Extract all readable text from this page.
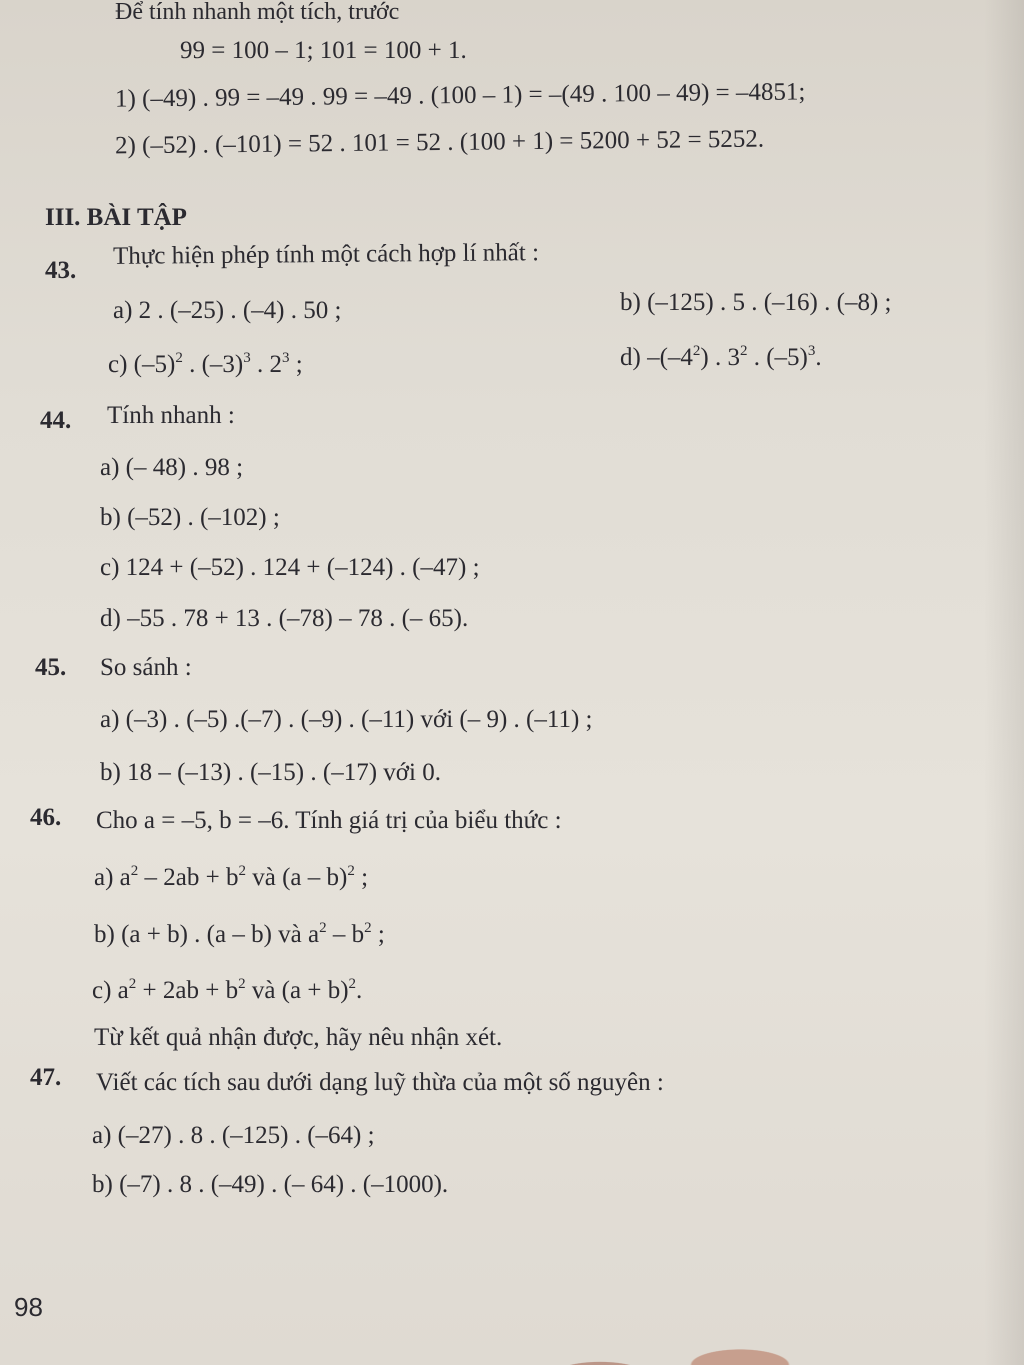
Để tính nhanh một tích, trước
99 = 100 – 1; 101 = 100 + 1.
1) (–49) . 99 = –49 . 99 = –49 . (100 – 1) = –(49 . 100 – 49) = –4851;
2) (–52) . (–101) = 52 . 101 = 52 . (100 + 1) = 5200 + 52 = 5252.
III. BÀI TẬP
43.
Thực hiện phép tính một cách hợp lí nhất :
a) 2 . (–25) . (–4) . 50 ;	b) (–125) . 5 . (–16) . (–8) ;
c) $(-5)^2$ . $(-3)^3$ . $2^3$ ;	d) $-(-4^2)$ . $3^2$ . $(-5)^3$.
44. Tính nhanh :
a) (– 48) . 98 ;
b) (–52) . (–102) ;
c) 124 + (–52) . 124 + (–124) . (–47) ;
d) –55 . 78 + 13 . (–78) – 78 . (– 65).
45. So sánh :
a) (–3) . (–5) .(–7) . (–9) . (–11) với (– 9) . (–11) ;
b) 18 – (–13) . (–15) . (–17) với 0.
46. Cho a = –5, b = –6. Tính giá trị của biểu thức :
a) $a^2 - 2ab + b^2$ và (a – b)$^2$ ;
b) (a + b) . (a – b) và $a^2 - b^2$ ;
c) $a^2 + 2ab + b^2$ và $(a + b)^2$.
Từ kết quả nhận được, hãy nêu nhận xét.
47. Viết các tích sau dưới dạng luỹ thừa của một số nguyên :
a) (–27) . 8 . (–125) . (–64) ;
b) (–7) . 8 . (–49) . (– 64) . (–1000).
98
